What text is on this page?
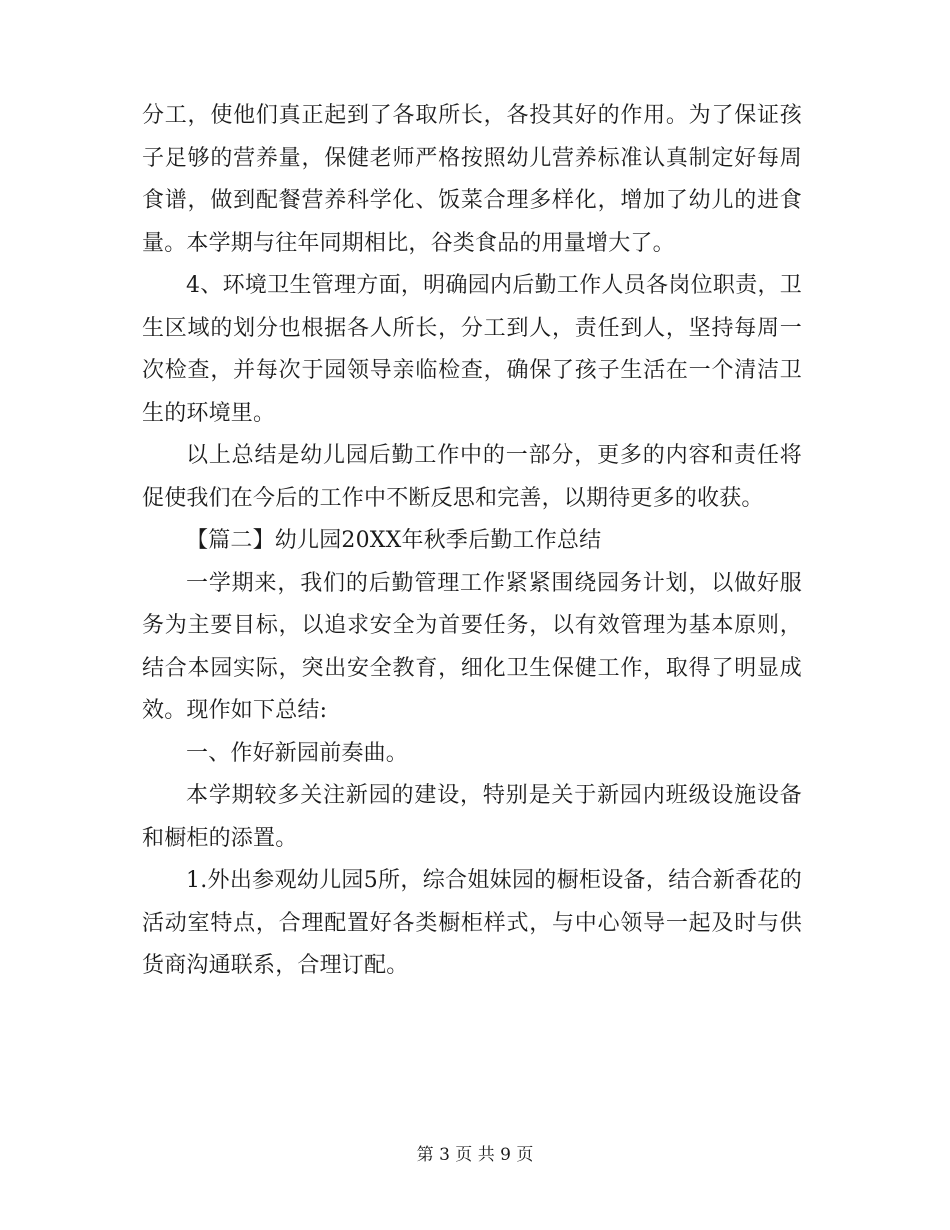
分工，使他们真正起到了各取所长，各投其好的作用。为了保证孩子足够的营养量，保健老师严格按照幼儿营养标准认真制定好每周食谱，做到配餐营养科学化、饭菜合理多样化，增加了幼儿的进食量。本学期与往年同期相比，谷类食品的用量增大了。

4、环境卫生管理方面，明确园内后勤工作人员各岗位职责，卫生区域的划分也根据各人所长，分工到人，责任到人，坚持每周一次检查，并每次于园领导亲临检查，确保了孩子生活在一个清洁卫生的环境里。

以上总结是幼儿园后勤工作中的一部分，更多的内容和责任将促使我们在今后的工作中不断反思和完善，以期待更多的收获。

【篇二】幼儿园20XX年秋季后勤工作总结

一学期来，我们的后勤管理工作紧紧围绕园务计划，以做好服务为主要目标，以追求安全为首要任务，以有效管理为基本原则，结合本园实际，突出安全教育，细化卫生保健工作，取得了明显成效。现作如下总结:

一、作好新园前奏曲。

本学期较多关注新园的建设，特别是关于新园内班级设施设备和橱柜的添置。

1.外出参观幼儿园5所，综合姐妹园的橱柜设备，结合新香花的活动室特点，合理配置好各类橱柜样式，与中心领导一起及时与供货商沟通联系，合理订配。

第 3 页 共 9 页
